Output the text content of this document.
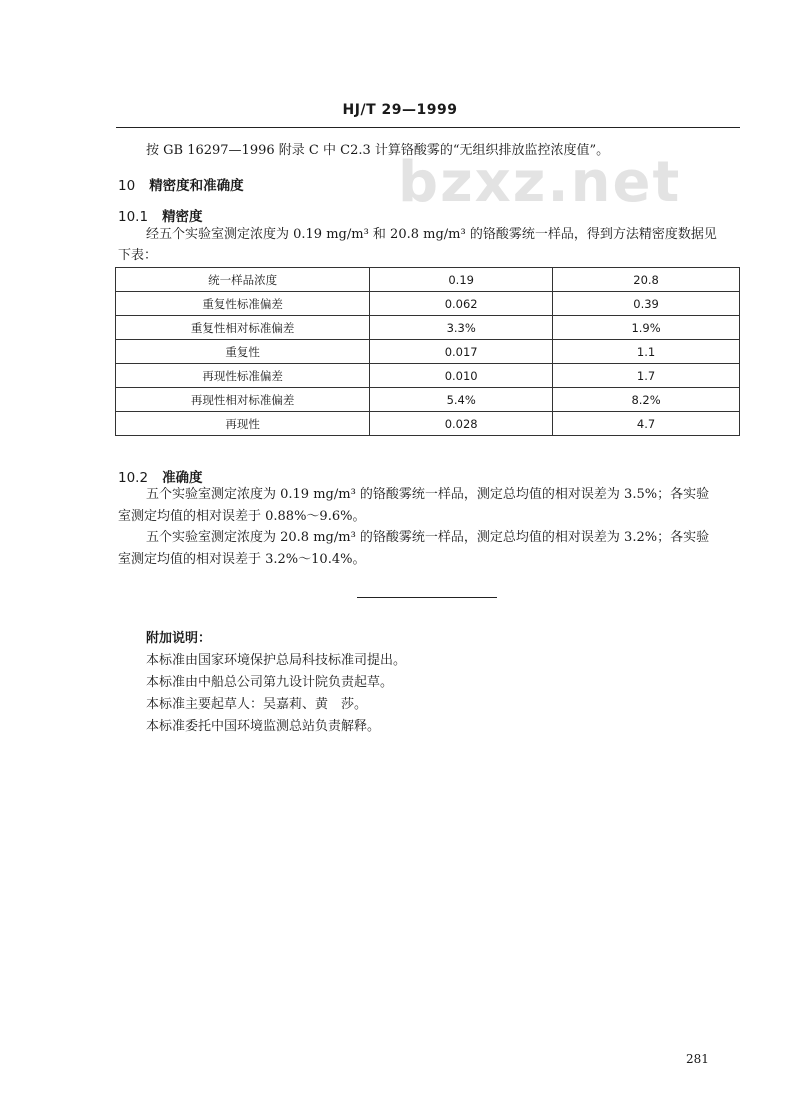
HJ/T 29—1999
bzxz.net
按 GB 16297—1996 附录 C 中 C2.3 计算铬酸雾的“无组织排放监控浓度值”。
10 精密度和准确度
10.1 精密度
经五个实验室测定浓度为 0.19 mg/m³ 和 20.8 mg/m³ 的铬酸雾统一样品，得到方法精密度数据见
下表：
统一样品浓度	0.19	20.8
重复性标准偏差	0.062	0.39
重复性相对标准偏差	3.3%	1.9%
重复性	0.017	1.1
再现性标准偏差	0.010	1.7
再现性相对标准偏差	5.4%	8.2%
再现性	0.028	4.7
10.2 准确度
五个实验室测定浓度为 0.19 mg/m³ 的铬酸雾统一样品，测定总均值的相对误差为 3.5%；各实验
室测定均值的相对误差于 0.88%～9.6%。
五个实验室测定浓度为 20.8 mg/m³ 的铬酸雾统一样品，测定总均值的相对误差为 3.2%；各实验
室测定均值的相对误差于 3.2%～10.4%。
附加说明：
本标准由国家环境保护总局科技标准司提出。
本标准由中船总公司第九设计院负责起草。
本标准主要起草人：吴嘉莉、黄　莎。
本标准委托中国环境监测总站负责解释。
281
